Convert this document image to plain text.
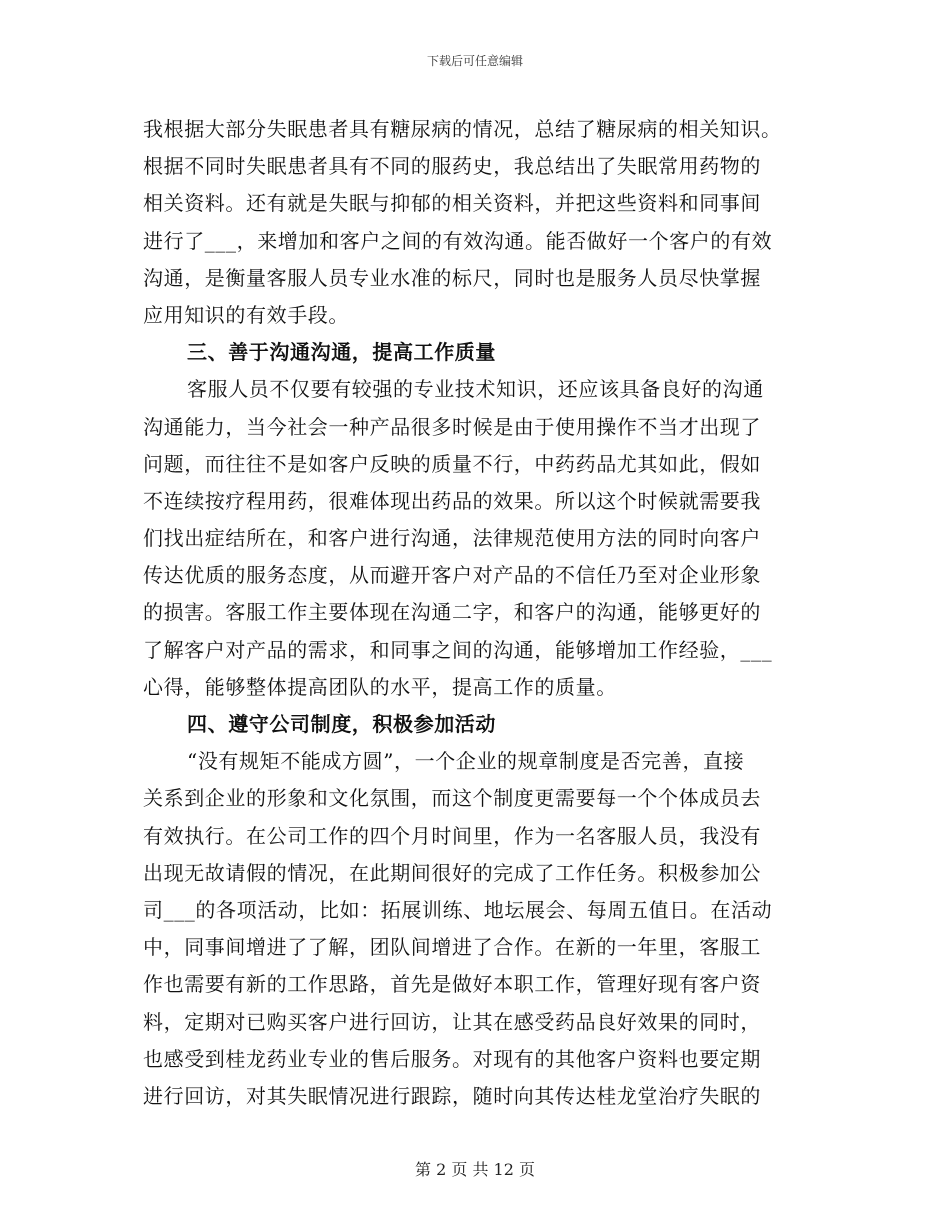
下载后可任意编辑
我根据大部分失眠患者具有糖尿病的情况，总结了糖尿病的相关知识。
根据不同时失眠患者具有不同的服药史，我总结出了失眠常用药物的
相关资料。还有就是失眠与抑郁的相关资料，并把这些资料和同事间
进行了___，来增加和客户之间的有效沟通。能否做好一个客户的有效
沟通，是衡量客服人员专业水准的标尺，同时也是服务人员尽快掌握
应用知识的有效手段。
三、善于沟通沟通，提高工作质量
客服人员不仅要有较强的专业技术知识，还应该具备良好的沟通
沟通能力，当今社会一种产品很多时候是由于使用操作不当才出现了
问题，而往往不是如客户反映的质量不行，中药药品尤其如此，假如
不连续按疗程用药，很难体现出药品的效果。所以这个时候就需要我
们找出症结所在，和客户进行沟通，法律规范使用方法的同时向客户
传达优质的服务态度，从而避开客户对产品的不信任乃至对企业形象
的损害。客服工作主要体现在沟通二字，和客户的沟通，能够更好的
了解客户对产品的需求，和同事之间的沟通，能够增加工作经验，___
心得，能够整体提高团队的水平，提高工作的质量。
四、遵守公司制度，积极参加活动
“没有规矩不能成方圆”，一个企业的规章制度是否完善，直接
关系到企业的形象和文化氛围，而这个制度更需要每一个个体成员去
有效执行。在公司工作的四个月时间里，作为一名客服人员，我没有
出现无故请假的情况，在此期间很好的完成了工作任务。积极参加公
司___的各项活动，比如：拓展训练、地坛展会、每周五值日。在活动
中，同事间增进了了解，团队间增进了合作。在新的一年里，客服工
作也需要有新的工作思路，首先是做好本职工作，管理好现有客户资
料，定期对已购买客户进行回访，让其在感受药品良好效果的同时，
也感受到桂龙药业专业的售后服务。对现有的其他客户资料也要定期
进行回访，对其失眠情况进行跟踪，随时向其传达桂龙堂治疗失眠的
第 2 页 共 12 页
